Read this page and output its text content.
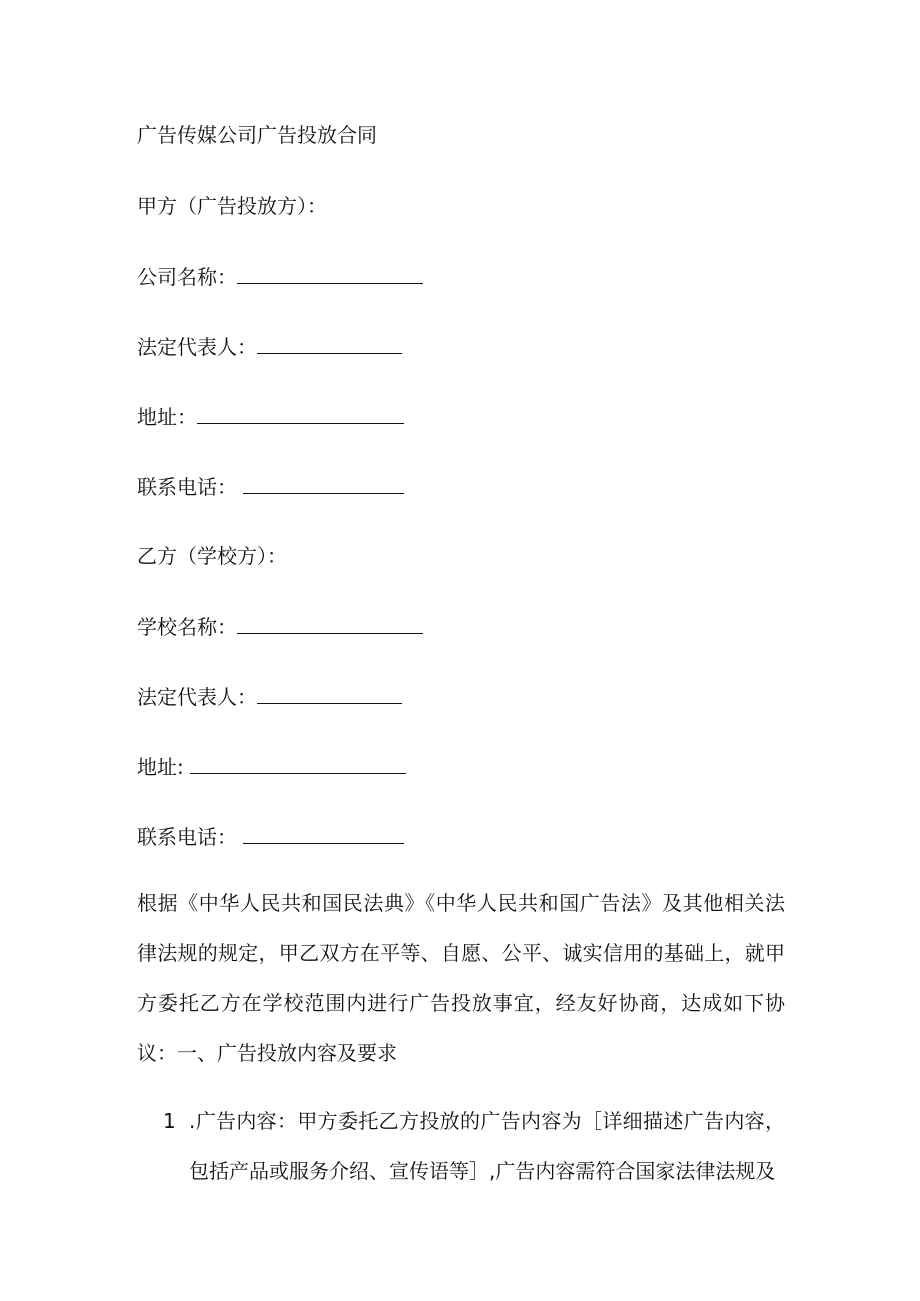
广告传媒公司广告投放合同
甲方（广告投放方）：
公司名称：
法定代表人：
地址：
联系电话：
乙方（学校方）：
学校名称：
法定代表人：
地址:
联系电话：
根据《中华人民共和国民法典》《中华人民共和国广告法》及其他相关法律法规的规定，甲乙双方在平等、自愿、公平、诚实信用的基础上，就甲方委托乙方在学校范围内进行广告投放事宜，经友好协商，达成如下协议：一、广告投放内容及要求
1 .广告内容：甲方委托乙方投放的广告内容为［详细描述广告内容，包括产品或服务介绍、宣传语等］,广告内容需符合国家法律法规及
